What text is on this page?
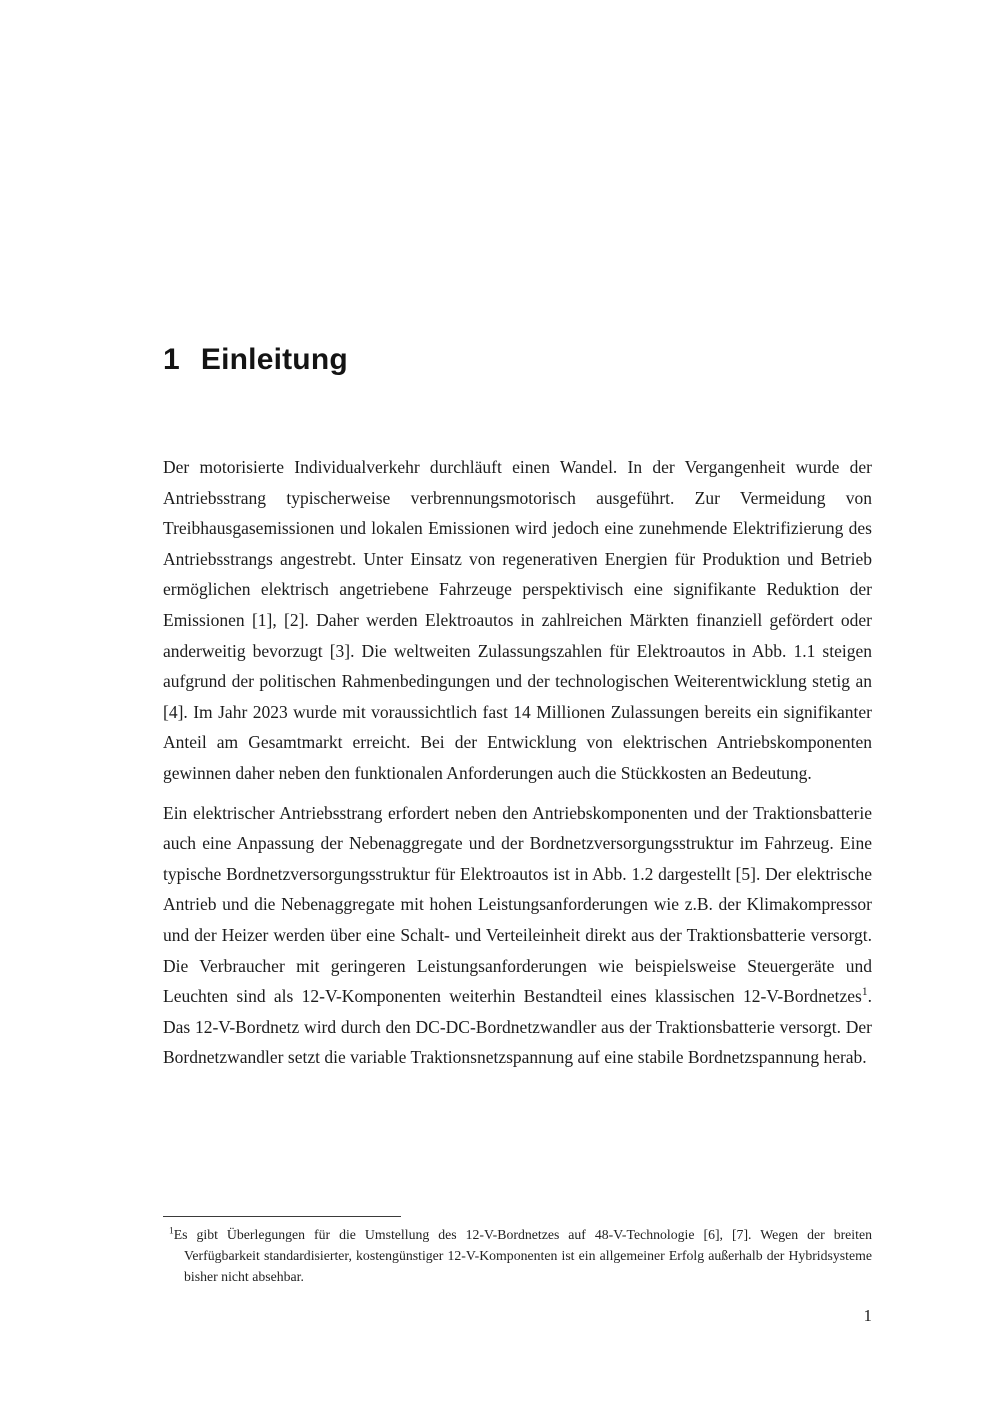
1 Einleitung

Der motorisierte Individualverkehr durchläuft einen Wandel. In der Vergangenheit wurde der Antriebsstrang typischerweise verbrennungsmotorisch ausgeführt. Zur Vermeidung von Treibhausgasemissionen und lokalen Emissionen wird jedoch eine zunehmende Elektrifizierung des Antriebsstrangs angestrebt. Unter Einsatz von regenerativen Energien für Produktion und Betrieb ermöglichen elektrisch angetriebene Fahrzeuge perspektivisch eine signifikante Reduktion der Emissionen [1], [2]. Daher werden Elektroautos in zahlreichen Märkten finanziell gefördert oder anderweitig bevorzugt [3]. Die weltweiten Zulassungszahlen für Elektroautos in Abb. 1.1 steigen aufgrund der politischen Rahmenbedingungen und der technologischen Weiterentwicklung stetig an [4]. Im Jahr 2023 wurde mit voraussichtlich fast 14 Millionen Zulassungen bereits ein signifikanter Anteil am Gesamtmarkt erreicht. Bei der Entwicklung von elektrischen Antriebskomponenten gewinnen daher neben den funktionalen Anforderungen auch die Stückkosten an Bedeutung.

Ein elektrischer Antriebsstrang erfordert neben den Antriebskomponenten und der Traktionsbatterie auch eine Anpassung der Nebenaggregate und der Bordnetzversorgungsstruktur im Fahrzeug. Eine typische Bordnetzversorgungsstruktur für Elektroautos ist in Abb. 1.2 dargestellt [5]. Der elektrische Antrieb und die Nebenaggregate mit hohen Leistungsanforderungen wie z.B. der Klimakompressor und der Heizer werden über eine Schalt- und Verteileinheit direkt aus der Traktionsbatterie versorgt. Die Verbraucher mit geringeren Leistungsanforderungen wie beispielsweise Steuergeräte und Leuchten sind als 12-V-Komponenten weiterhin Bestandteil eines klassischen 12-V-Bordnetzes$^1$. Das 12-V-Bordnetz wird durch den DC-DC-Bordnetzwandler aus der Traktionsbatterie versorgt. Der Bordnetzwandler setzt die variable Traktionsnetzspannung auf eine stabile Bordnetzspannung herab.

$^1$Es gibt Überlegungen für die Umstellung des 12-V-Bordnetzes auf 48-V-Technologie [6], [7]. Wegen der breiten Verfügbarkeit standardisierter, kostengünstiger 12-V-Komponenten ist ein allgemeiner Erfolg außerhalb der Hybridsysteme bisher nicht absehbar.

1
